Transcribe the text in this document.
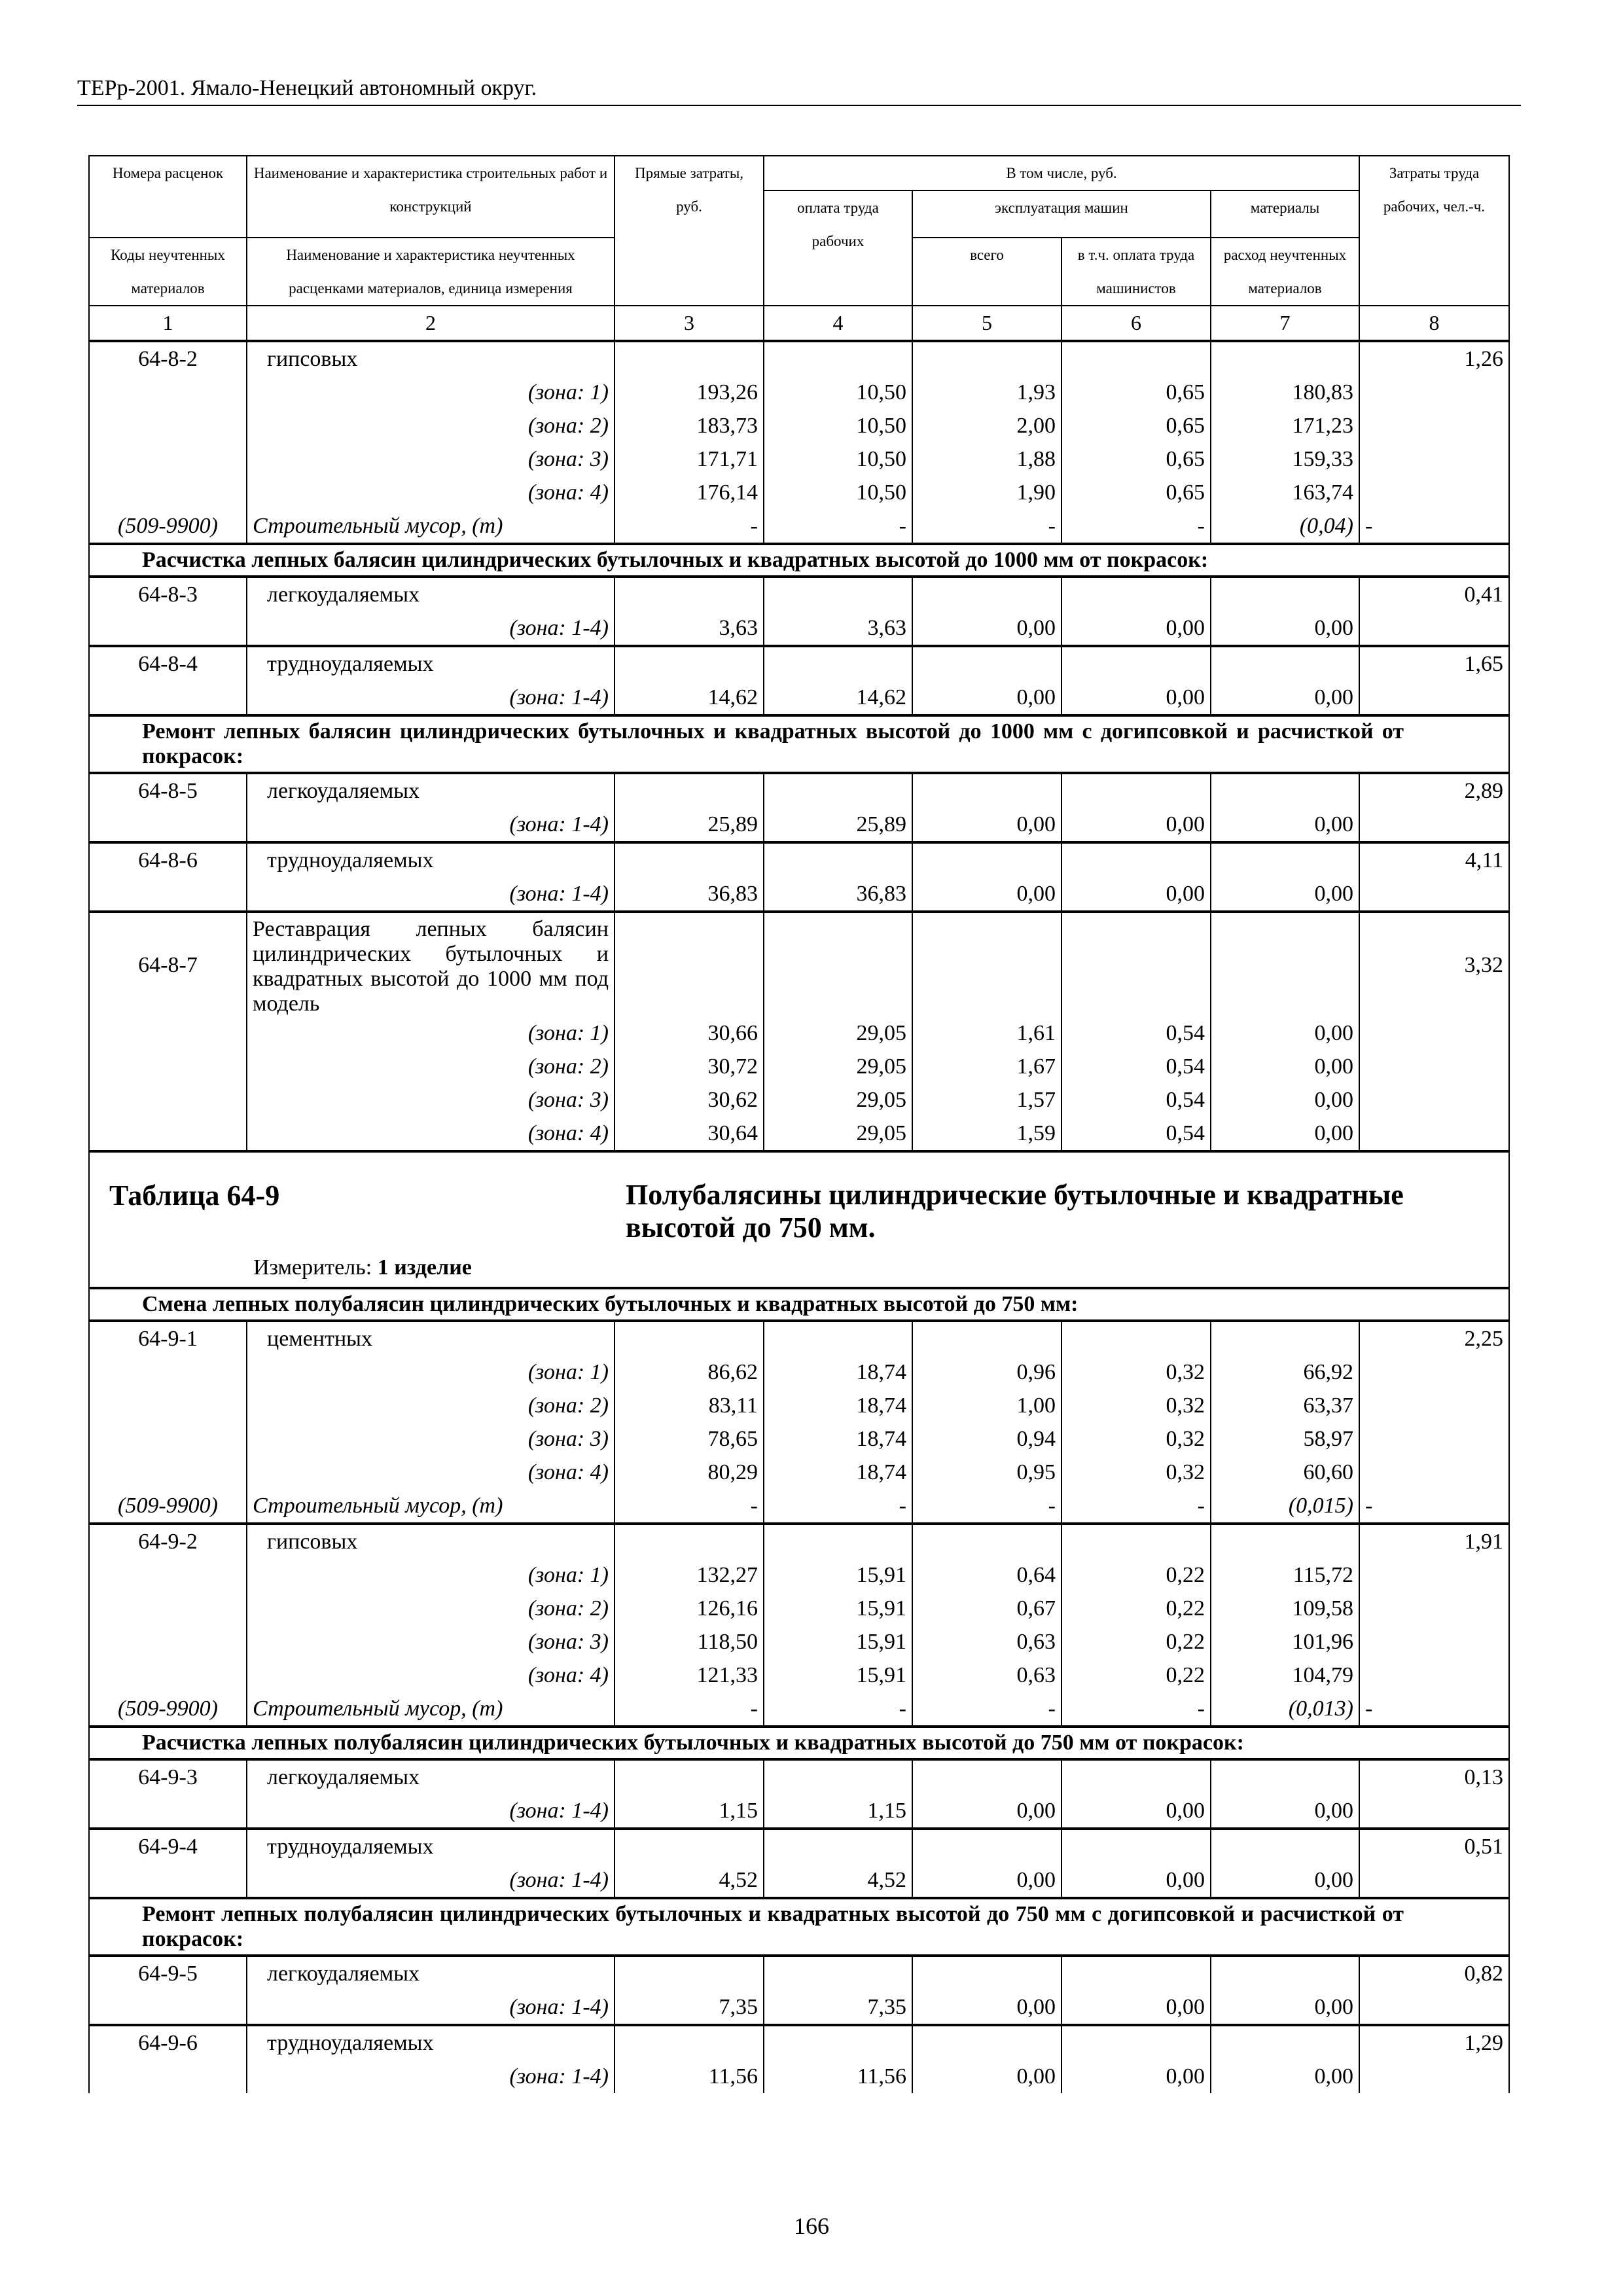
ТЕРр-2001. Ямало-Ненецкий автономный округ.
Номера расценок	Наименование и характеристика строительных работ и конструкций	Прямые затраты, руб.	В том числе, руб.				Затраты труда рабочих, чел.-ч.
			оплата труда рабочих	эксплуатация машин		материалы	
Коды неучтенных материалов	Наименование и характеристика неучтенных расценками материалов, единица измерения			всего	в т.ч. оплата труда машинистов	расход неучтенных материалов	
1	2	3	4	5	6	7	8
64-8-2	гипсовых						1,26
	(зона: 1)	193,26	10,50	1,93	0,65	180,83	
	(зона: 2)	183,73	10,50	2,00	0,65	171,23	
	(зона: 3)	171,71	10,50	1,88	0,65	159,33	
	(зона: 4)	176,14	10,50	1,90	0,65	163,74	
(509-9900)	Строительный мусор, (т)	-	-	-	-	(0,04)	-
Расчистка лепных балясин цилиндрических бутылочных и квадратных высотой до 1000 мм от покрасок:							
64-8-3	легкоудаляемых						0,41
	(зона: 1-4)	3,63	3,63	0,00	0,00	0,00	
64-8-4	трудноудаляемых						1,65
	(зона: 1-4)	14,62	14,62	0,00	0,00	0,00	
Ремонт лепных балясин цилиндрических бутылочных и квадратных высотой до 1000 мм с догипсовкой и расчисткой от покрасок:							
64-8-5	легкоудаляемых						2,89
	(зона: 1-4)	25,89	25,89	0,00	0,00	0,00	
64-8-6	трудноудаляемых						4,11
	(зона: 1-4)	36,83	36,83	0,00	0,00	0,00	
64-8-7	Реставрация лепных балясин цилиндрических бутылочных и квадратных высотой до 1000 мм под модель						3,32
	(зона: 1)	30,66	29,05	1,61	0,54	0,00	
	(зона: 2)	30,72	29,05	1,67	0,54	0,00	
	(зона: 3)	30,62	29,05	1,57	0,54	0,00	
	(зона: 4)	30,64	29,05	1,59	0,54	0,00	

Таблица 64-9 Полубалясины цилиндрические бутылочные и квадратные высотой до 750 мм.
Измеритель: 1 изделие							

Смена лепных полубалясин цилиндрических бутылочных и квадратных высотой до 750 мм:							
64-9-1	цементных						2,25
	(зона: 1)	86,62	18,74	0,96	0,32	66,92	
	(зона: 2)	83,11	18,74	1,00	0,32	63,37	
	(зона: 3)	78,65	18,74	0,94	0,32	58,97	
	(зона: 4)	80,29	18,74	0,95	0,32	60,60	
(509-9900)	Строительный мусор, (т)	-	-	-	-	(0,015)	-
64-9-2	гипсовых						1,91
	(зона: 1)	132,27	15,91	0,64	0,22	115,72	
	(зона: 2)	126,16	15,91	0,67	0,22	109,58	
	(зона: 3)	118,50	15,91	0,63	0,22	101,96	
	(зона: 4)	121,33	15,91	0,63	0,22	104,79	
(509-9900)	Строительный мусор, (т)	-	-	-	-	(0,013)	-
Расчистка лепных полубалясин цилиндрических бутылочных и квадратных высотой до 750 мм от покрасок:							
64-9-3	легкоудаляемых						0,13
	(зона: 1-4)	1,15	1,15	0,00	0,00	0,00	
64-9-4	трудноудаляемых						0,51
	(зона: 1-4)	4,52	4,52	0,00	0,00	0,00	
Ремонт лепных полубалясин цилиндрических бутылочных и квадратных высотой до 750 мм с догипсовкой и расчисткой от покрасок:							
64-9-5	легкоудаляемых						0,82
	(зона: 1-4)	7,35	7,35	0,00	0,00	0,00	
64-9-6	трудноудаляемых						1,29
	(зона: 1-4)	11,56	11,56	0,00	0,00	0,00	
166
